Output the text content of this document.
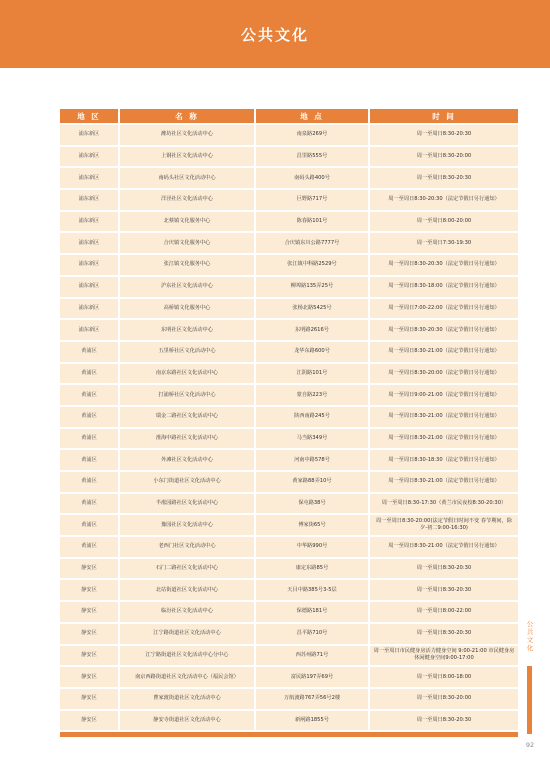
公共文化
地 区	名 称	地 点	时 间
浦东新区	潍坊社区文化活动中心	南泉路269号	周一至周日8:30-20:30
浦东新区	上钢社区文化活动中心	昌里路555号	周一至周日8:30-20:00
浦东新区	南码头社区文化活动中心	南码头路400号	周一至周日8:30-20:30
浦东新区	洋泾社区文化活动中心	巨野路717号	周一至周日8:30-20:30（法定节假日另行通知）
浦东新区	北蔡镇文化服务中心	陈春路101号	周一至周日8:00-20:00
浦东新区	合庆镇文化服务中心	合庆镇东川公路7777号	周一至周日7:30-19:30
浦东新区	张江镇文化服务中心	张江镇中科路2529号	周一至周日8:30-20:30（法定节假日另行通知）
浦东新区	沪东社区文化活动中心	柳埠路135弄25号	周一至周日8:30-18:00（法定节假日另行通知）
浦东新区	高桥镇文化服务中心	张杨北路5425号	周一至周日7:00-22:00（法定节假日另行通知）
浦东新区	东明社区文化活动中心	东明路2616号	周一至周日8:30-20:30（法定节假日另行通知）
黄浦区	五里桥社区文化活动中心	龙华东路600号	周一至周日8:30-21:00（法定节假日另行通知）
黄浦区	南京东路社区文化活动中心	江阴路101号	周一至周日8:30-20:00（法定节假日另行通知）
黄浦区	打浦桥社区文化活动中心	蒙自路223号	周一至周日9:00-21:00（法定节假日另行通知）
黄浦区	瑞金二路社区文化活动中心	陕西南路245号	周一至周日8:30-21:00（法定节假日另行通知）
黄浦区	淮海中路社区文化活动中心	马当路349号	周一至周日8:30-21:00（法定节假日另行通知）
黄浦区	外滩社区文化活动中心	河南中路578号	周一至周日8:30-18:30（法定节假日另行通知）
黄浦区	小东门街道社区文化活动中心	黄家路88弄10号	周一至周日8:30-21:00（法定节假日另行通知）
黄浦区	半淞园路社区文化活动中心	保屯路38号	周一至周日8:30-17:30（黄兰市民夜校8:30-20:30）
黄浦区	豫园社区文化活动中心	傅家街65号	周一至周日8:30-20:00(法定节假日时间不变 春节期间，除夕-初二9:00-16:30)
黄浦区	老西门社区文化活动中心	中华路990号	周一至周日8:30-21:00（法定节假日另行通知）
静安区	石门二路社区文化活动中心	康定东路85号	周一至周日8:30-20:30
静安区	北站街道社区文化活动中心	天目中路385号3-5层	周一至周日8:30-20:30
静安区	临汾社区文化活动中心	保德路181号	周一至周日8:00-22:00
静安区	江宁路街道社区文化活动中心	昌平路710号	周一至周日8:30-20:30
静安区	江宁路街道社区文化活动中心分中心	西苏州路71号	周一至周日市民健身房活力健身空间 9:00-21:00 市民健身房休闲健身空间9:00-17:00
静安区	南京西路街道社区文化活动中心（福民会馆）	富民路197弄69号	周一至周日8:00-18:00
静安区	曹家渡街道社区文化活动中心	万航渡路767弄56号2楼	周一至周日8:30-20:00
静安区	静安寺街道社区文化活动中心	新闸路1855号	周一至周日8:30-20:30
公共文化
92
